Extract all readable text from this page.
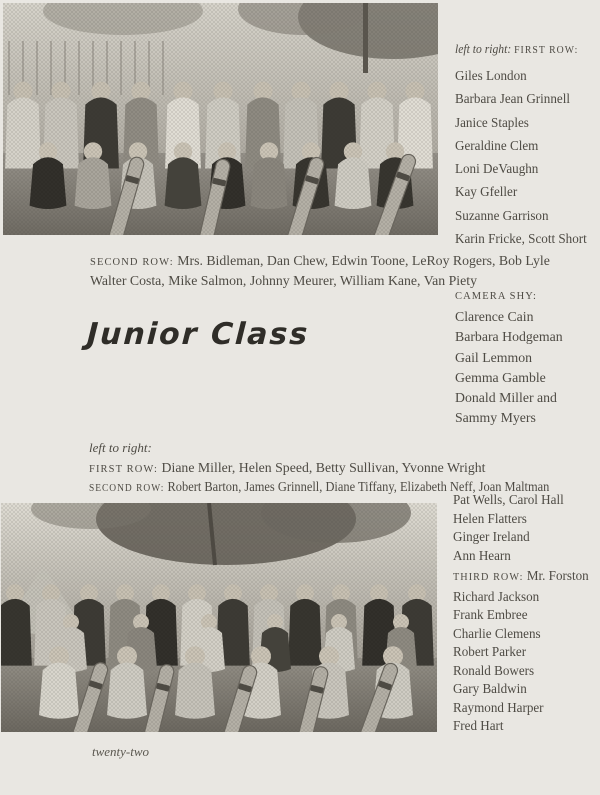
left to right: FIRST ROW:
Giles London
Barbara Jean Grinnell
Janice Staples
Geraldine Clem
Loni DeVaughn
Kay Gfeller
Suzanne Garrison
Karin Fricke, Scott Short
SECOND ROW: Mrs. Bidleman, Dan Chew, Edwin Toone, LeRoy Rogers, Bob Lyle
Walter Costa, Mike Salmon, Johnny Meurer, William Kane, Van Piety
CAMERA SHY:
Clarence Cain
Barbara Hodgeman
Gail Lemmon
Gemma Gamble
Donald Miller and
Sammy Myers
Junior Class
left to right:
FIRST ROW: Diane Miller, Helen Speed, Betty Sullivan, Yvonne Wright
SECOND ROW: Robert Barton, James Grinnell, Diane Tiffany, Elizabeth Neff, Joan Maltman
Pat Wells, Carol Hall
Helen Flatters
Ginger Ireland
Ann Hearn
THIRD ROW: Mr. Forston
Richard Jackson
Frank Embree
Charlie Clemens
Robert Parker
Ronald Bowers
Gary Baldwin
Raymond Harper
Fred Hart
twenty-two
